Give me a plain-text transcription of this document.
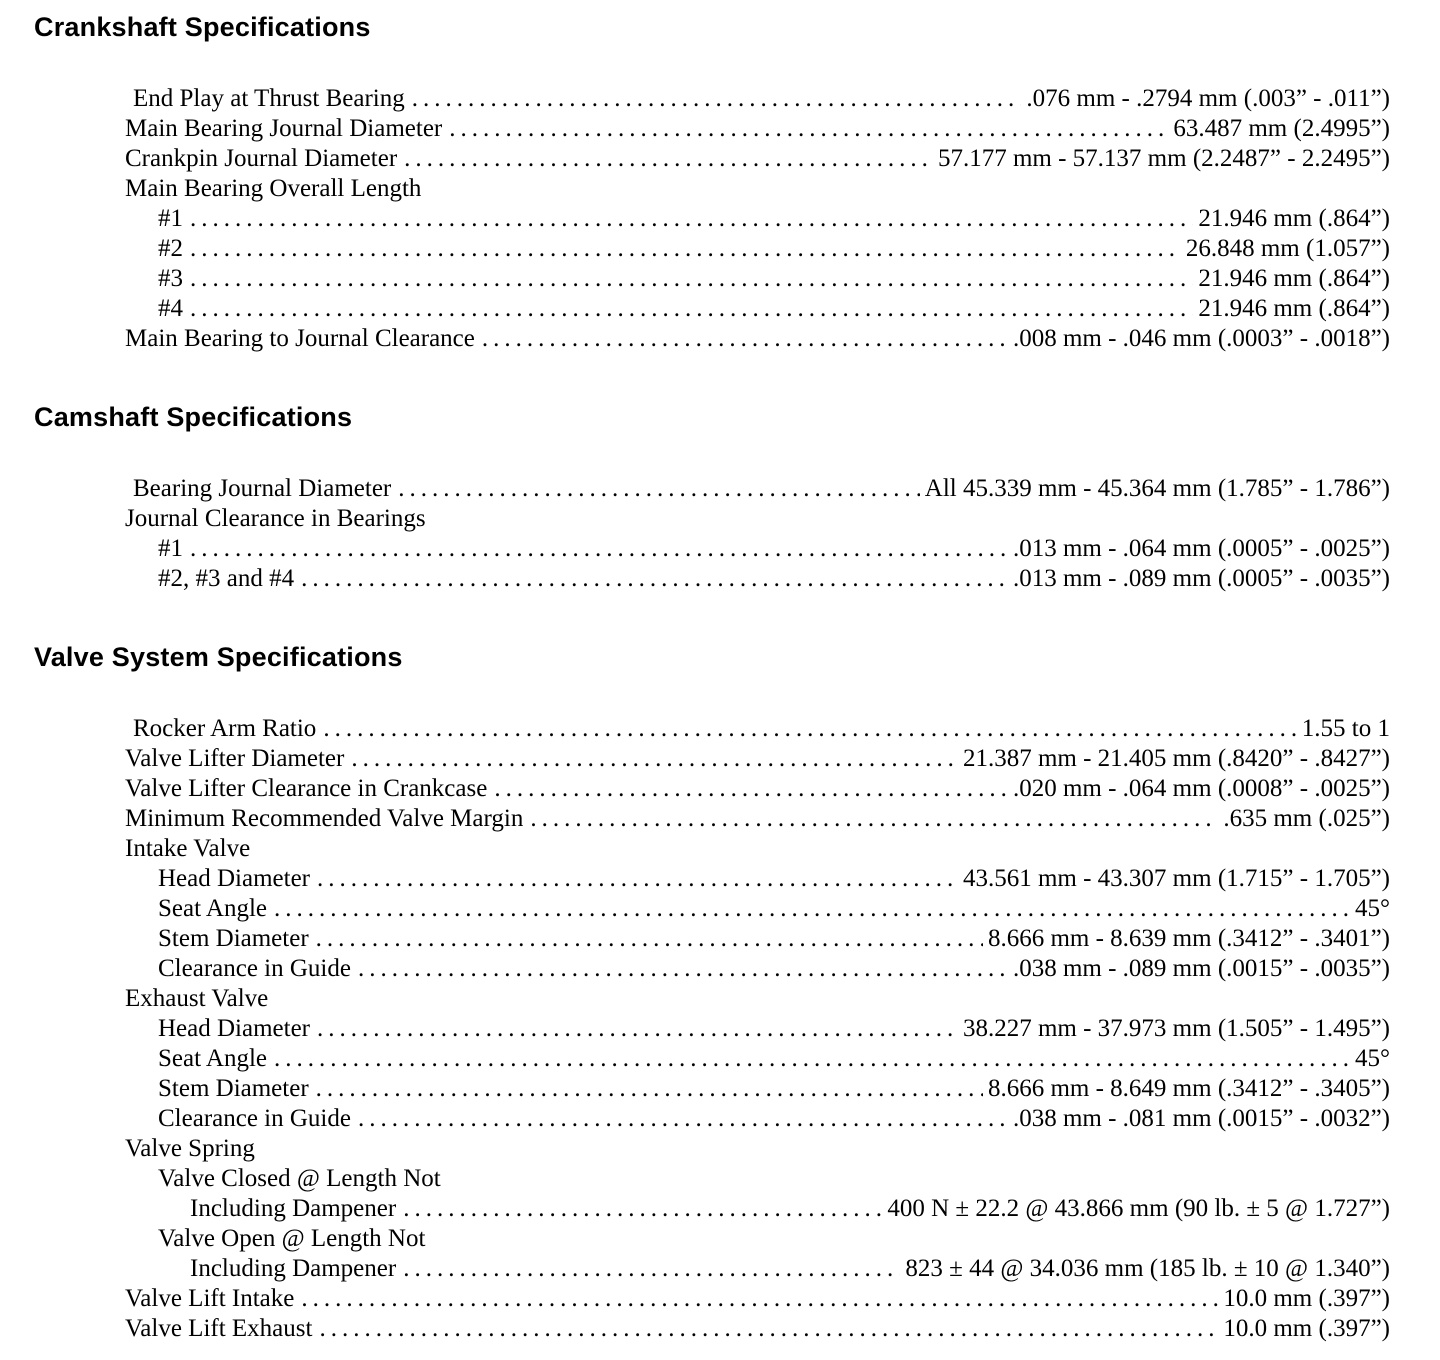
Crankshaft Specifications
End Play at Thrust Bearing .....	.076 mm - .2794 mm (.003” - .011”)
Main Bearing Journal Diameter .....	63.487 mm (2.4995”)
Crankpin Journal Diameter .....	57.177 mm - 57.137 mm (2.2487” - 2.2495”)
Main Bearing Overall Length
#1 .....	21.946 mm (.864”)
#2 .....	26.848 mm (1.057”)
#3 .....	21.946 mm (.864”)
#4 .....	21.946 mm (.864”)
Main Bearing to Journal Clearance .....	.008 mm - .046 mm (.0003” - .0018”)
Camshaft Specifications
Bearing Journal Diameter .....	All 45.339 mm - 45.364 mm (1.785” - 1.786”)
Journal Clearance in Bearings
#1 .....	.013 mm - .064 mm (.0005” - .0025”)
#2, #3 and #4 .....	.013 mm - .089 mm (.0005” - .0035”)
Valve System Specifications
Rocker Arm Ratio .....	1.55 to 1
Valve Lifter Diameter .....	21.387 mm - 21.405 mm (.8420” - .8427”)
Valve Lifter Clearance in Crankcase .....	.020 mm - .064 mm (.0008” - .0025”)
Minimum Recommended Valve Margin .....	.635 mm (.025”)
Intake Valve
Head Diameter .....	43.561 mm - 43.307 mm (1.715” - 1.705”)
Seat Angle .....	45°
Stem Diameter .....	8.666 mm - 8.639 mm (.3412” - .3401”)
Clearance in Guide .....	.038 mm - .089 mm (.0015” - .0035”)
Exhaust Valve
Head Diameter .....	38.227 mm - 37.973 mm (1.505” - 1.495”)
Seat Angle .....	45°
Stem Diameter .....	8.666 mm - 8.649 mm (.3412” - .3405”)
Clearance in Guide .....	.038 mm - .081 mm (.0015” - .0032”)
Valve Spring
Valve Closed @ Length Not
Including Dampener .....	400 N ± 22.2 @ 43.866 mm (90 lb. ± 5 @ 1.727”)
Valve Open @ Length Not
Including Dampener .....	823 ± 44 @ 34.036 mm (185 lb. ± 10 @ 1.340”)
Valve Lift Intake .....	10.0 mm (.397”)
Valve Lift Exhaust .....	10.0 mm (.397”)
